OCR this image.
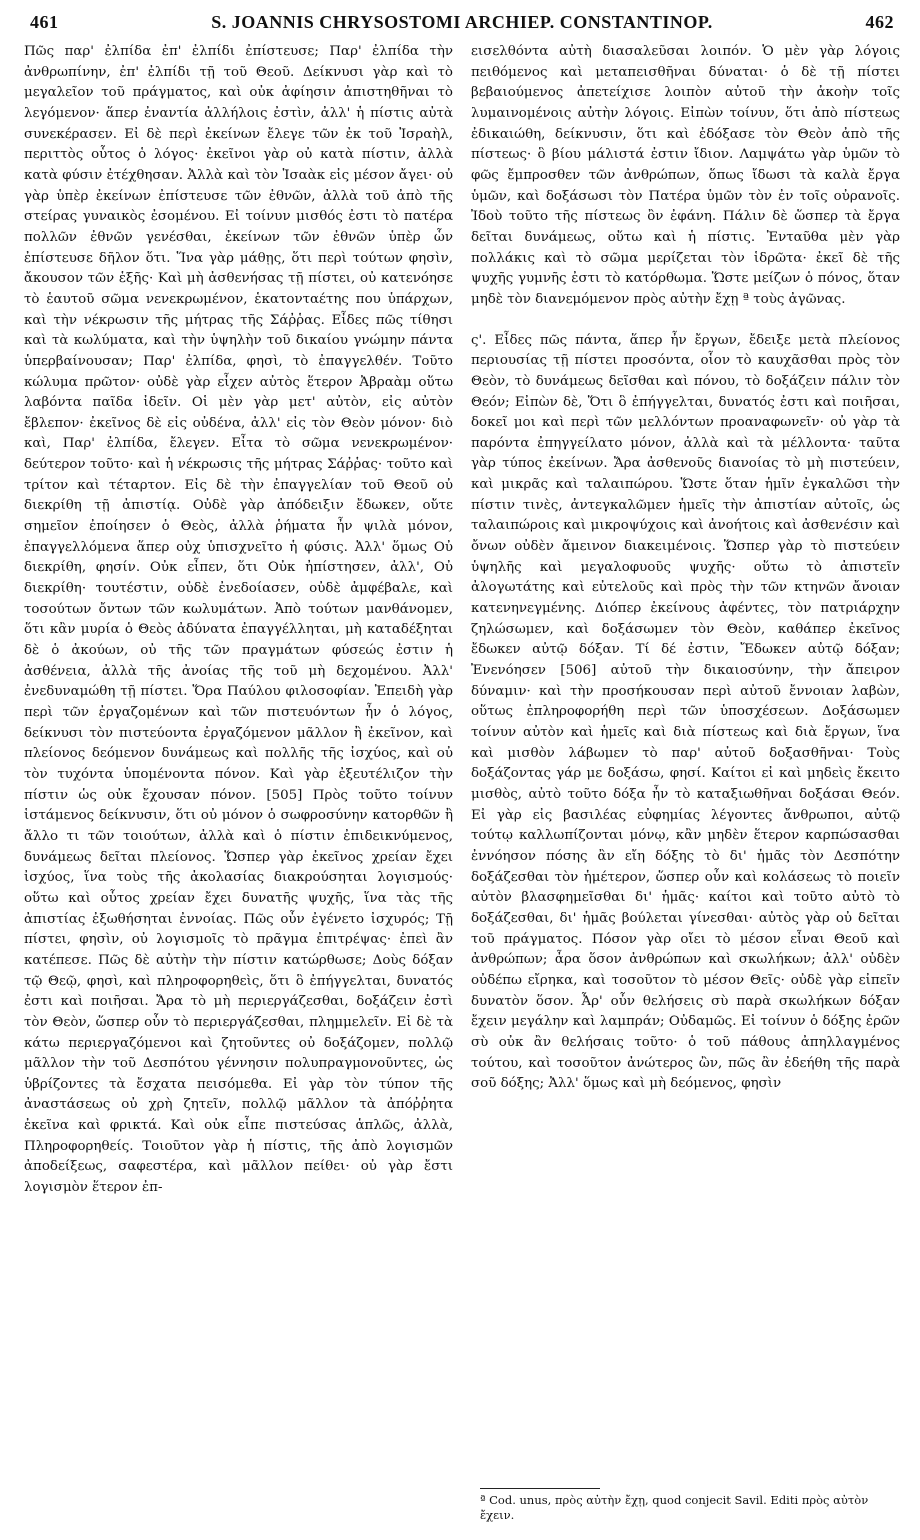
461	S. JOANNIS CHRYSOSTOMI ARCHIEP. CONSTANTINOP.	462

Πῶς παρ' ἐλπίδα ἐπ' ἐλπίδι ἐπίστευσε; Παρ' ἐλπίδα τὴν ἀνθρωπίνην, ἐπ' ἐλπίδι τῇ τοῦ Θεοῦ. Δείκνυσι γὰρ καὶ τὸ μεγαλεῖον τοῦ πράγματος, καὶ οὐκ ἀφίησιν ἀπιστηθῆναι τὸ λεγόμενον· ἅπερ ἐναντία ἀλλήλοις ἐστὶν, ἀλλ' ἡ πίστις αὐτὰ συνεκέρασεν. Εἰ δὲ περὶ ἐκείνων ἔλεγε τῶν ἐκ τοῦ Ἰσραὴλ, περιττὸς οὗτος ὁ λόγος· ἐκεῖνοι γὰρ οὐ κατὰ πίστιν, ἀλλὰ κατὰ φύσιν ἐτέχθησαν. Ἀλλὰ καὶ τὸν Ἰσαὰκ εἰς μέσον ἄγει· οὐ γὰρ ὑπὲρ ἐκείνων ἐπίστευσε τῶν ἐθνῶν, ἀλλὰ τοῦ ἀπὸ τῆς στείρας γυναικὸς ἐσομένου. Εἰ τοίνυν μισθός ἐστι τὸ πατέρα πολλῶν ἐθνῶν γενέσθαι, ἐκείνων τῶν ἐθνῶν ὑπὲρ ὧν ἐπίστευσε δῆλον ὅτι. Ἵνα γὰρ μάθῃς, ὅτι περὶ τούτων φησὶν, ἄκουσον τῶν ἑξῆς· Καὶ μὴ ἀσθενήσας τῇ πίστει, οὐ κατενόησε τὸ ἑαυτοῦ σῶμα νενεκρωμένον, ἑκατονταέτης που ὑπάρχων, καὶ τὴν νέκρωσιν τῆς μήτρας τῆς Σάῤῥας. Εἶδες πῶς τίθησι καὶ τὰ κωλύματα, καὶ τὴν ὑψηλὴν τοῦ δικαίου γνώμην πάντα ὑπερβαίνουσαν; Παρ' ἐλπίδα, φησὶ, τὸ ἐπαγγελθέν. Τοῦτο κώλυμα πρῶτον· οὐδὲ γὰρ εἶχεν αὐτὸς ἕτερον Ἀβραὰμ οὕτω λαβόντα παῖδα ἰδεῖν. Οἱ μὲν γὰρ μετ' αὐτὸν, εἰς αὐτὸν ἔβλεπον· ἐκεῖνος δὲ εἰς οὐδένα, ἀλλ' εἰς τὸν Θεὸν μόνον· διὸ καὶ, Παρ' ἐλπίδα, ἔλεγεν. Εἶτα τὸ σῶμα νενεκρωμένον· δεύτερον τοῦτο· καὶ ἡ νέκρωσις τῆς μήτρας Σάῤῥας· τοῦτο καὶ τρίτον καὶ τέταρτον. Εἰς δὲ τὴν ἐπαγγελίαν τοῦ Θεοῦ οὐ διεκρίθη τῇ ἀπιστίᾳ. Οὐδὲ γὰρ ἀπόδειξιν ἔδωκεν, οὔτε σημεῖον ἐποίησεν ὁ Θεὸς, ἀλλὰ ῥήματα ἦν ψιλὰ μόνον, ἐπαγγελλόμενα ἅπερ οὐχ ὑπισχνεῖτο ἡ φύσις. Ἀλλ' ὅμως Οὐ διεκρίθη, φησίν. Οὐκ εἶπεν, ὅτι Οὐκ ἠπίστησεν, ἀλλ', Οὐ διεκρίθη· τουτέστιν, οὐδὲ ἐνεδοίασεν, οὐδὲ ἀμφέβαλε, καὶ τοσούτων ὄντων τῶν κωλυμάτων. Ἀπὸ τούτων μανθάνομεν, ὅτι κἂν μυρία ὁ Θεὸς ἀδύνατα ἐπαγγέλληται, μὴ καταδέξηται δὲ ὁ ἀκούων, οὐ τῆς τῶν πραγμάτων φύσεώς ἐστιν ἡ ἀσθένεια, ἀλλὰ τῆς ἀνοίας τῆς τοῦ μὴ δεχομένου. Ἀλλ' ἐνεδυναμώθη τῇ πίστει. Ὅρα Παύλου φιλοσοφίαν. Ἐπειδὴ γὰρ περὶ τῶν ἐργαζομένων καὶ τῶν πιστευόντων ἦν ὁ λόγος, δείκνυσι τὸν πιστεύοντα ἐργαζόμενον μᾶλλον ἢ ἐκεῖνον, καὶ πλείονος δεόμενον δυνάμεως καὶ πολλῆς τῆς ἰσχύος, καὶ οὐ τὸν τυχόντα ὑπομένοντα πόνον. Καὶ γὰρ ἐξευτέλιζον τὴν πίστιν ὡς οὐκ ἔχουσαν πόνον. [505] Πρὸς τοῦτο τοίνυν ἱστάμενος δείκνυσιν, ὅτι οὐ μόνον ὁ σωφροσύνην κατορθῶν ἢ ἄλλο τι τῶν τοιούτων, ἀλλὰ καὶ ὁ πίστιν ἐπιδεικνύμενος, δυνάμεως δεῖται πλείονος. Ὥσπερ γὰρ ἐκεῖνος χρείαν ἔχει ἰσχύος, ἵνα τοὺς τῆς ἀκολασίας διακρούσηται λογισμούς· οὕτω καὶ οὗτος χρείαν ἔχει δυνατῆς ψυχῆς, ἵνα τὰς τῆς ἀπιστίας ἐξωθήσηται ἐννοίας. Πῶς οὖν ἐγένετο ἰσχυρός; Τῇ πίστει, φησὶν, οὐ λογισμοῖς τὸ πρᾶγμα ἐπιτρέψας· ἐπεὶ ἂν κατέπεσε. Πῶς δὲ αὐτὴν τὴν πίστιν κατώρθωσε; Δοὺς δόξαν τῷ Θεῷ, φησὶ, καὶ πληροφορηθεὶς, ὅτι ὃ ἐπήγγελται, δυνατός ἐστι καὶ ποιῆσαι. Ἄρα τὸ μὴ περιεργάζεσθαι, δοξάζειν ἐστὶ τὸν Θεὸν, ὥσπερ οὖν τὸ περιεργάζεσθαι, πλημμελεῖν. Εἰ δὲ τὰ κάτω περιεργαζόμενοι καὶ ζητοῦντες οὐ δοξάζομεν, πολλῷ μᾶλλον τὴν τοῦ Δεσπότου γέννησιν πολυπραγμονοῦντες, ὡς ὑβρίζοντες τὰ ἔσχατα πεισόμεθα. Εἰ γὰρ τὸν τύπον τῆς ἀναστάσεως οὐ χρὴ ζητεῖν, πολλῷ μᾶλλον τὰ ἀπόῤῥητα ἐκεῖνα καὶ φρικτά. Καὶ οὐκ εἶπε πιστεύσας ἁπλῶς, ἀλλὰ, Πληροφορηθείς. Τοιοῦτον γὰρ ἡ πίστις, τῆς ἀπὸ λογισμῶν ἀποδείξεως, σαφεστέρα, καὶ μᾶλλον πείθει· οὐ γὰρ ἔστι λογισμὸν ἕτερον ἐπ-

εισελθόντα αὐτὴ διασαλεῦσαι λοιπόν. Ὁ μὲν γὰρ λόγοις πειθόμενος καὶ μεταπεισθῆναι δύναται· ὁ δὲ τῇ πίστει βεβαιούμενος ἀπετείχισε λοιπὸν αὐτοῦ τὴν ἀκοὴν τοῖς λυμαινομένοις αὐτὴν λόγοις. Εἰπὼν τοίνυν, ὅτι ἀπὸ πίστεως ἐδικαιώθη, δείκνυσιν, ὅτι καὶ ἐδόξασε τὸν Θεὸν ἀπὸ τῆς πίστεως· ὃ βίου μάλιστά ἐστιν ἴδιον. Λαμψάτω γὰρ ὑμῶν τὸ φῶς ἔμπροσθεν τῶν ἀνθρώπων, ὅπως ἴδωσι τὰ καλὰ ἔργα ὑμῶν, καὶ δοξάσωσι τὸν Πατέρα ὑμῶν τὸν ἐν τοῖς οὐρανοῖς. Ἰδοὺ τοῦτο τῆς πίστεως ὂν ἐφάνη. Πάλιν δὲ ὥσπερ τὰ ἔργα δεῖται δυνάμεως, οὕτω καὶ ἡ πίστις. Ἐνταῦθα μὲν γὰρ πολλάκις καὶ τὸ σῶμα μερίζεται τὸν ἱδρῶτα· ἐκεῖ δὲ τῆς ψυχῆς γυμνῆς ἐστι τὸ κατόρθωμα. Ὥστε μείζων ὁ πόνος, ὅταν μηδὲ τὸν διανεμόμενον πρὸς αὐτὴν ἔχῃ ª τοὺς ἀγῶνας.

ς'. Εἶδες πῶς πάντα, ἅπερ ἦν ἔργων, ἔδειξε μετὰ πλείονος περιουσίας τῇ πίστει προσόντα, οἷον τὸ καυχᾶσθαι πρὸς τὸν Θεὸν, τὸ δυνάμεως δεῖσθαι καὶ πόνου, τὸ δοξάζειν πάλιν τὸν Θεόν; Εἰπὼν δὲ, Ὅτι ὃ ἐπήγγελται, δυνατός ἐστι καὶ ποιῆσαι, δοκεῖ μοι καὶ περὶ τῶν μελλόντων προαναφωνεῖν· οὐ γὰρ τὰ παρόντα ἐπηγγείλατο μόνον, ἀλλὰ καὶ τὰ μέλλοντα· ταῦτα γὰρ τύπος ἐκείνων. Ἄρα ἀσθενοῦς διανοίας τὸ μὴ πιστεύειν, καὶ μικρᾶς καὶ ταλαιπώρου. Ὥστε ὅταν ἡμῖν ἐγκαλῶσι τὴν πίστιν τινὲς, ἀντεγκαλῶμεν ἡμεῖς τὴν ἀπιστίαν αὐτοῖς, ὡς ταλαιπώροις καὶ μικροψύχοις καὶ ἀνοήτοις καὶ ἀσθενέσιν καὶ ὄνων οὐδὲν ἄμεινον διακειμένοις. Ὥσπερ γὰρ τὸ πιστεύειν ὑψηλῆς καὶ μεγαλοφυοῦς ψυχῆς· οὕτω τὸ ἀπιστεῖν ἀλογωτάτης καὶ εὐτελοῦς καὶ πρὸς τὴν τῶν κτηνῶν ἄνοιαν κατενηνεγμένης. Διόπερ ἐκείνους ἀφέντες, τὸν πατριάρχην ζηλώσωμεν, καὶ δοξάσωμεν τὸν Θεὸν, καθάπερ ἐκεῖνος ἔδωκεν αὐτῷ δόξαν. Τί δέ ἐστιν, Ἔδωκεν αὐτῷ δόξαν; Ἐνενόησεν [506] αὐτοῦ τὴν δικαιοσύνην, τὴν ἄπειρον δύναμιν· καὶ τὴν προσήκουσαν περὶ αὐτοῦ ἔννοιαν λαβὼν, οὕτως ἐπληροφορήθη περὶ τῶν ὑποσχέσεων. Δοξάσωμεν τοίνυν αὐτὸν καὶ ἡμεῖς καὶ διὰ πίστεως καὶ διὰ ἔργων, ἵνα καὶ μισθὸν λάβωμεν τὸ παρ' αὐτοῦ δοξασθῆναι· Τοὺς δοξάζοντας γάρ με δοξάσω, φησί. Καίτοι εἰ καὶ μηδεὶς ἔκειτο μισθὸς, αὐτὸ τοῦτο δόξα ἦν τὸ καταξιωθῆναι δοξάσαι Θεόν. Εἰ γὰρ εἰς βασιλέας εὐφημίας λέγοντες ἄνθρωποι, αὐτῷ τούτῳ καλλωπίζονται μόνῳ, κἂν μηδὲν ἕτερον καρπώσασθαι ἐννόησον πόσης ἂν εἴη δόξης τὸ δι' ἡμᾶς τὸν Δεσπότην δοξάζεσθαι τὸν ἡμέτερον, ὥσπερ οὖν καὶ κολάσεως τὸ ποιεῖν αὐτὸν βλασφημεῖσθαι δι' ἡμᾶς· καίτοι καὶ τοῦτο αὐτὸ τὸ δοξάζεσθαι, δι' ἡμᾶς βούλεται γίνεσθαι· αὐτὸς γὰρ οὐ δεῖται τοῦ πράγματος. Πόσον γὰρ οἴει τὸ μέσον εἶναι Θεοῦ καὶ ἀνθρώπων; ἆρα ὅσον ἀνθρώπων καὶ σκωλήκων; ἀλλ' οὐδὲν οὐδέπω εἴρηκα, καὶ τοσοῦτον τὸ μέσον Θεῖς· οὐδὲ γὰρ εἰπεῖν δυνατὸν ὅσον. Ἆρ' οὖν θελήσεις σὺ παρὰ σκωλήκων δόξαν ἔχειν μεγάλην καὶ λαμπράν; Οὐδαμῶς. Εἰ τοίνυν ὁ δόξης ἐρῶν σὺ οὐκ ἂν θελήσαις τοῦτο· ὁ τοῦ πάθους ἀπηλλαγμένος τούτου, καὶ τοσοῦτον ἀνώτερος ὢν, πῶς ἂν ἐδεήθη τῆς παρὰ σοῦ δόξης; Ἀλλ' ὅμως καὶ μὴ δεόμενος, φησὶν

ª Cod. unus, πρὸς αὐτὴν ἔχῃ, quod conjecit Savil. Editi πρὸς αὐτὸν ἔχειν.
